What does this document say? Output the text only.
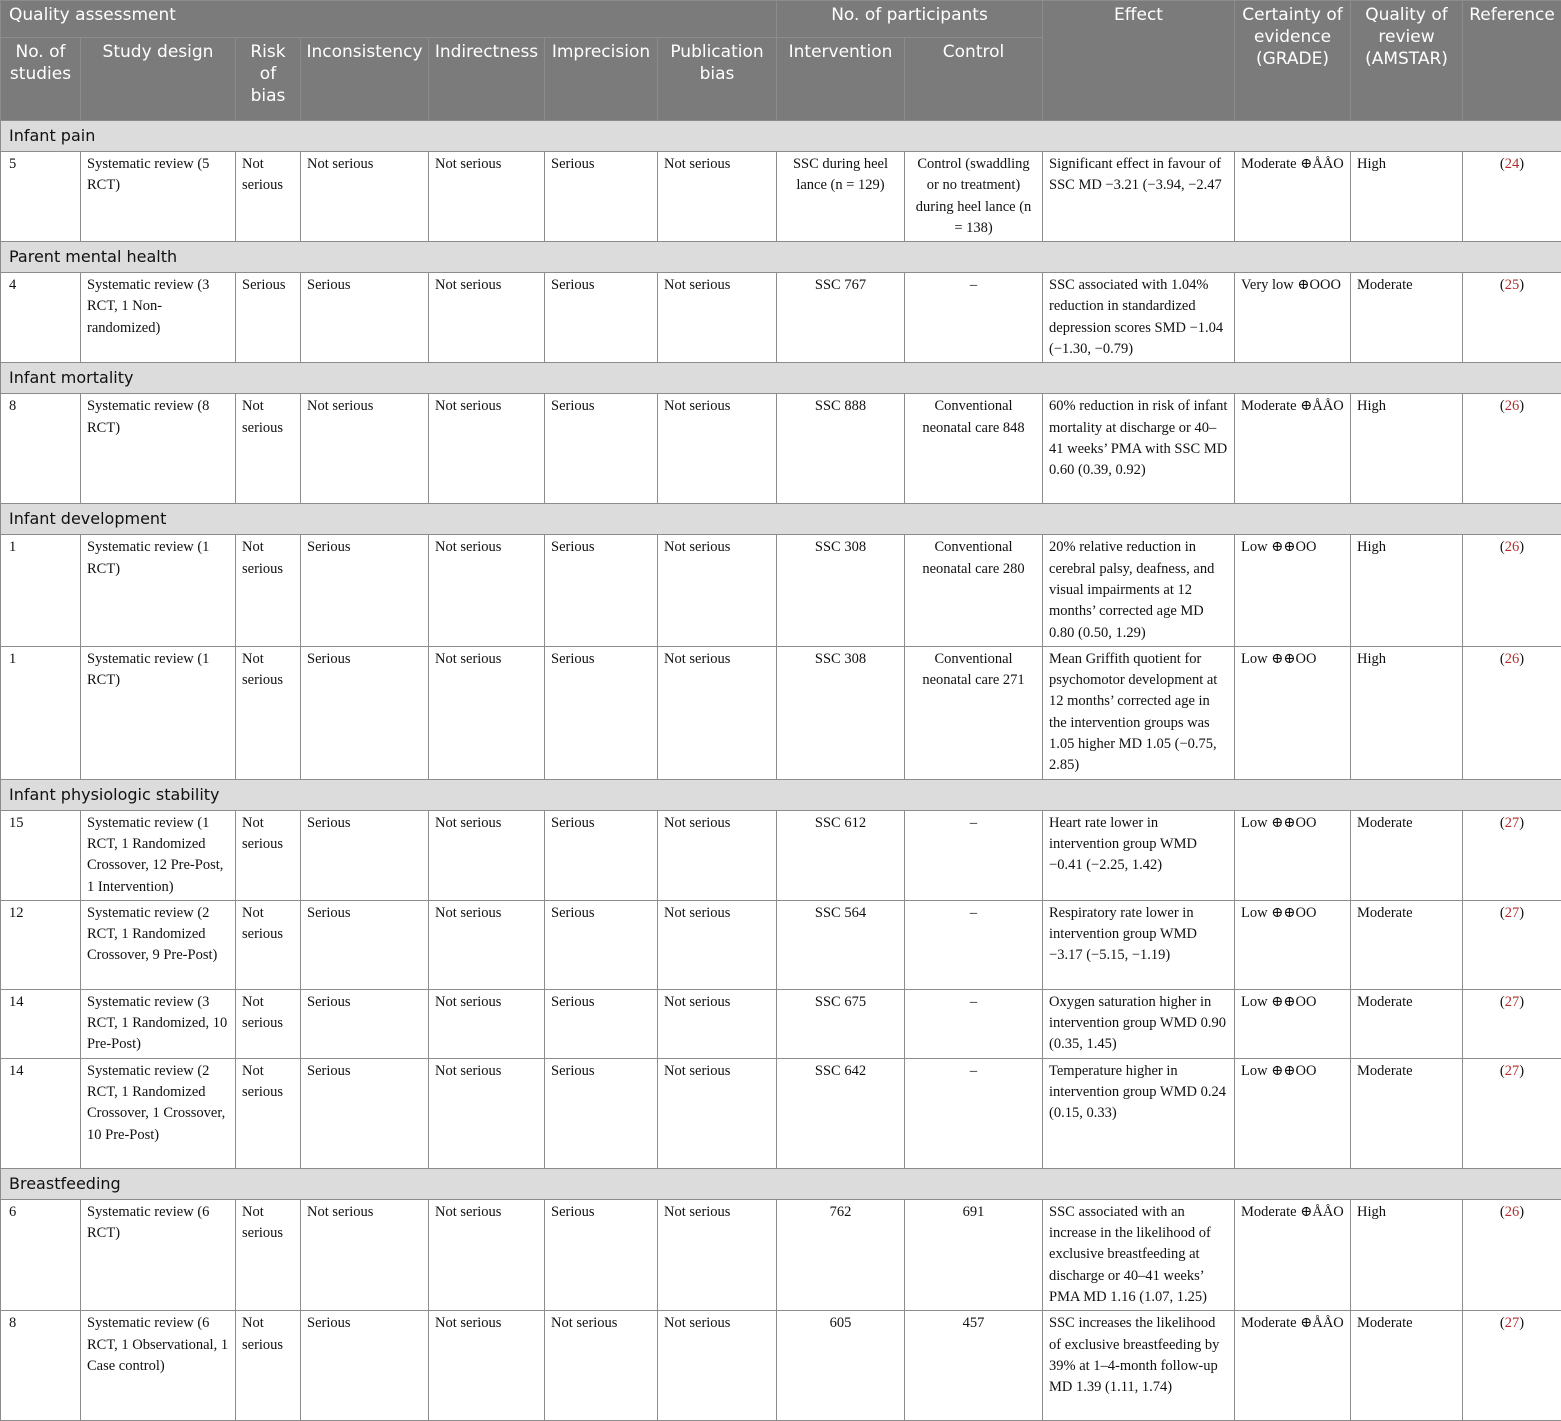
Quality assessment							No. of participants		Effect	Certainty of evidence (GRADE)	Quality of review (AMSTAR)	Reference
No. of studies	Study design	Risk of bias	Inconsistency	Indirectness	Imprecision	Publication bias	Intervention	Control				
Infant pain												
5	Systematic review (5 RCT)	Not serious	Not serious	Not serious	Serious	Not serious	SSC during heel lance (n = 129)	Control (swaddling or no treatment) during heel lance (n = 138)	Significant effect in favour of SSC MD −3.21 (−3.94, −2.47	Moderate ⊕ÅÅO	High	(24)
Parent mental health												
4	Systematic review (3 RCT, 1 Non-randomized)	Serious	Serious	Not serious	Serious	Not serious	SSC 767	–	SSC associated with 1.04% reduction in standardized depression scores SMD −1.04 (−1.30, −0.79)	Very low ⊕OOO	Moderate	(25)
Infant mortality												
8	Systematic review (8 RCT)	Not serious	Not serious	Not serious	Serious	Not serious	SSC 888	Conventional neonatal care 848	60% reduction in risk of infant mortality at discharge or 40–41 weeks’ PMA with SSC MD 0.60 (0.39, 0.92)	Moderate ⊕ÅÅO	High	(26)
Infant development												
1	Systematic review (1 RCT)	Not serious	Serious	Not serious	Serious	Not serious	SSC 308	Conventional neonatal care 280	20% relative reduction in cerebral palsy, deafness, and visual impairments at 12 months’ corrected age MD 0.80 (0.50, 1.29)	Low ⊕⊕OO	High	(26)
1	Systematic review (1 RCT)	Not serious	Serious	Not serious	Serious	Not serious	SSC 308	Conventional neonatal care 271	Mean Griffith quotient for psychomotor development at 12 months’ corrected age in the intervention groups was 1.05 higher MD 1.05 (−0.75, 2.85)	Low ⊕⊕OO	High	(26)
Infant physiologic stability												
15	Systematic review (1 RCT, 1 Randomized Crossover, 12 Pre-Post, 1 Intervention)	Not serious	Serious	Not serious	Serious	Not serious	SSC 612	–	Heart rate lower in intervention group WMD −0.41 (−2.25, 1.42)	Low ⊕⊕OO	Moderate	(27)
12	Systematic review (2 RCT, 1 Randomized Crossover, 9 Pre-Post)	Not serious	Serious	Not serious	Serious	Not serious	SSC 564	–	Respiratory rate lower in intervention group WMD −3.17 (−5.15, −1.19)	Low ⊕⊕OO	Moderate	(27)
14	Systematic review (3 RCT, 1 Randomized, 10 Pre-Post)	Not serious	Serious	Not serious	Serious	Not serious	SSC 675	–	Oxygen saturation higher in intervention group WMD 0.90 (0.35, 1.45)	Low ⊕⊕OO	Moderate	(27)
14	Systematic review (2 RCT, 1 Randomized Crossover, 1 Crossover, 10 Pre-Post)	Not serious	Serious	Not serious	Serious	Not serious	SSC 642	–	Temperature higher in intervention group WMD 0.24 (0.15, 0.33)	Low ⊕⊕OO	Moderate	(27)
Breastfeeding												
6	Systematic review (6 RCT)	Not serious	Not serious	Not serious	Serious	Not serious	762	691	SSC associated with an increase in the likelihood of exclusive breastfeeding at discharge or 40–41 weeks’ PMA MD 1.16 (1.07, 1.25)	Moderate ⊕ÅÅO	High	(26)
8	Systematic review (6 RCT, 1 Observational, 1 Case control)	Not serious	Serious	Not serious	Not serious	Not serious	605	457	SSC increases the likelihood of exclusive breastfeeding by 39% at 1–4-month follow-up MD 1.39 (1.11, 1.74)	Moderate ⊕ÅÅO	Moderate	(27)
